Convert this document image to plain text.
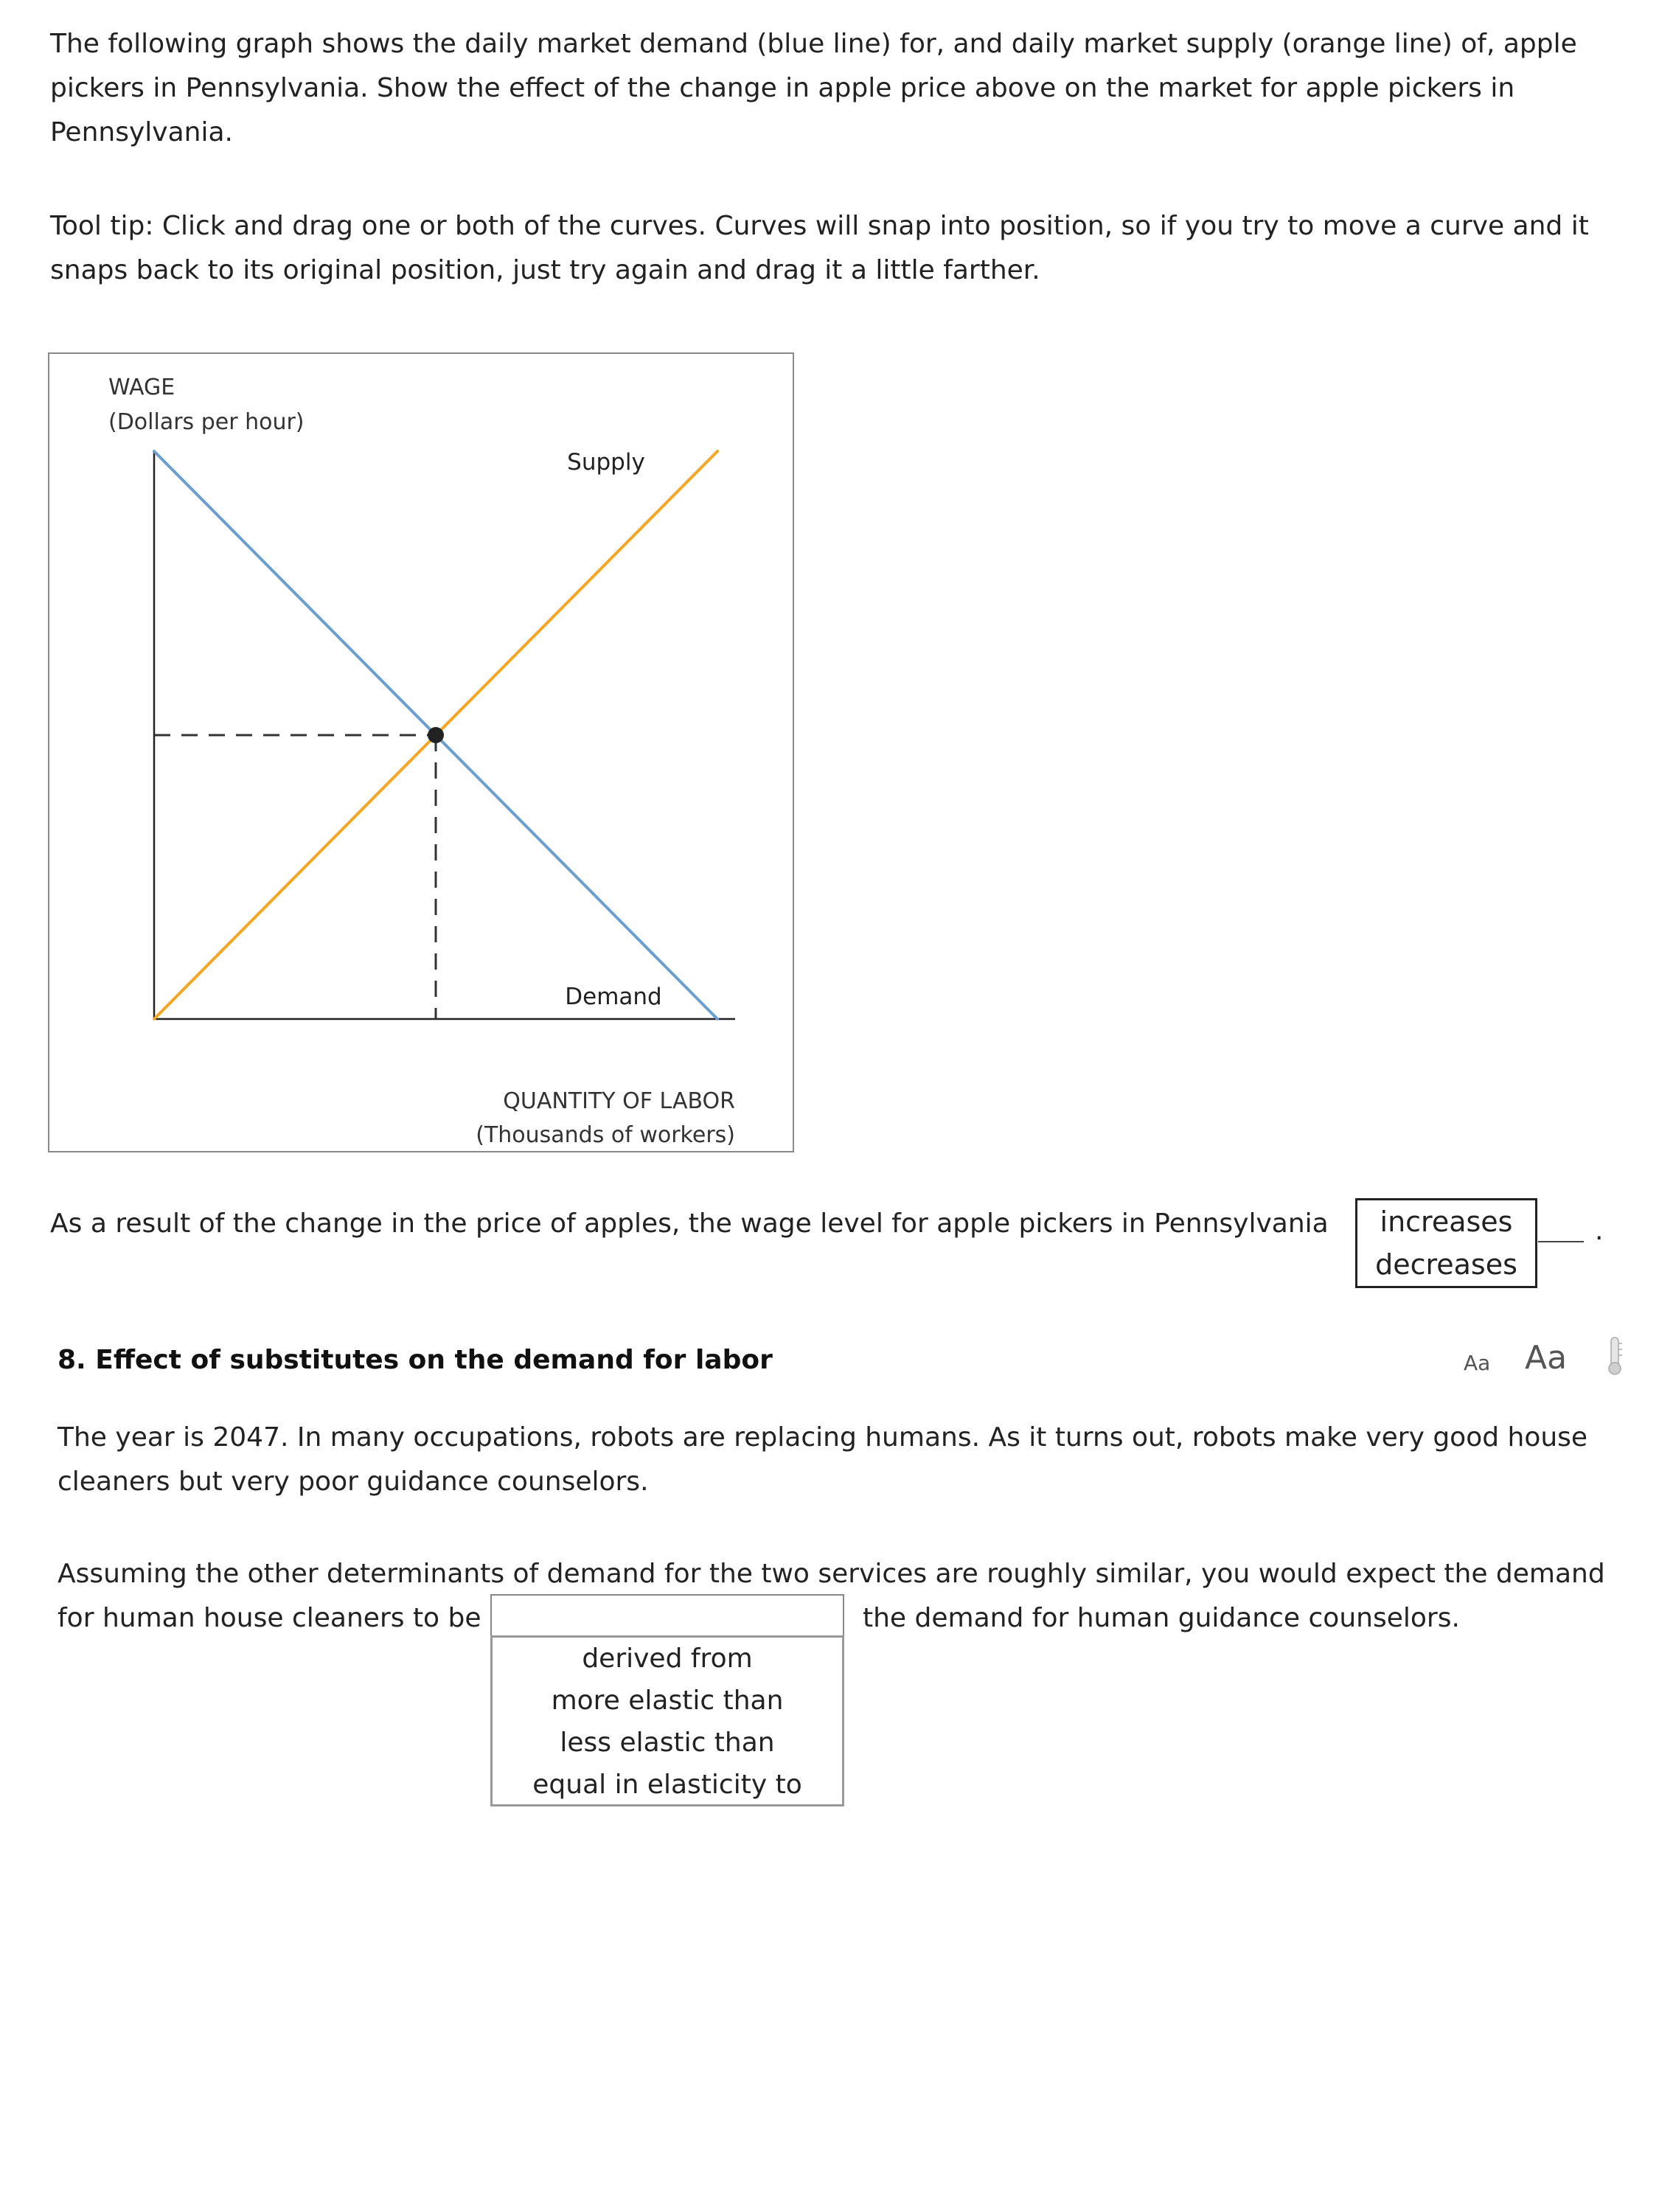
The following graph shows the daily market demand (blue line) for, and daily market supply (orange line) of, apple pickers in Pennsylvania. Show the effect of the change in apple price above on the market for apple pickers in Pennsylvania.

Tool tip: Click and drag one or both of the curves. Curves will snap into position, so if you try to move a curve and it snaps back to its original position, just try again and drag it a little farther.

WAGE
(Dollars per hour)
Supply
Demand
QUANTITY OF LABOR
(Thousands of workers)

As a result of the change in the price of apples, the wage level for apple pickers in Pennsylvania	increases
decreases
.
8. Effect of substitutes on the demand for labor	Aa Aa

The year is 2047. In many occupations, robots are replacing humans. As it turns out, robots make very good house cleaners but very poor guidance counselors.

Assuming the other determinants of demand for the two services are roughly similar, you would expect the demand

for human house cleaners to be	the demand for human guidance counselors.

derived from
more elastic than
less elastic than
equal in elasticity to
